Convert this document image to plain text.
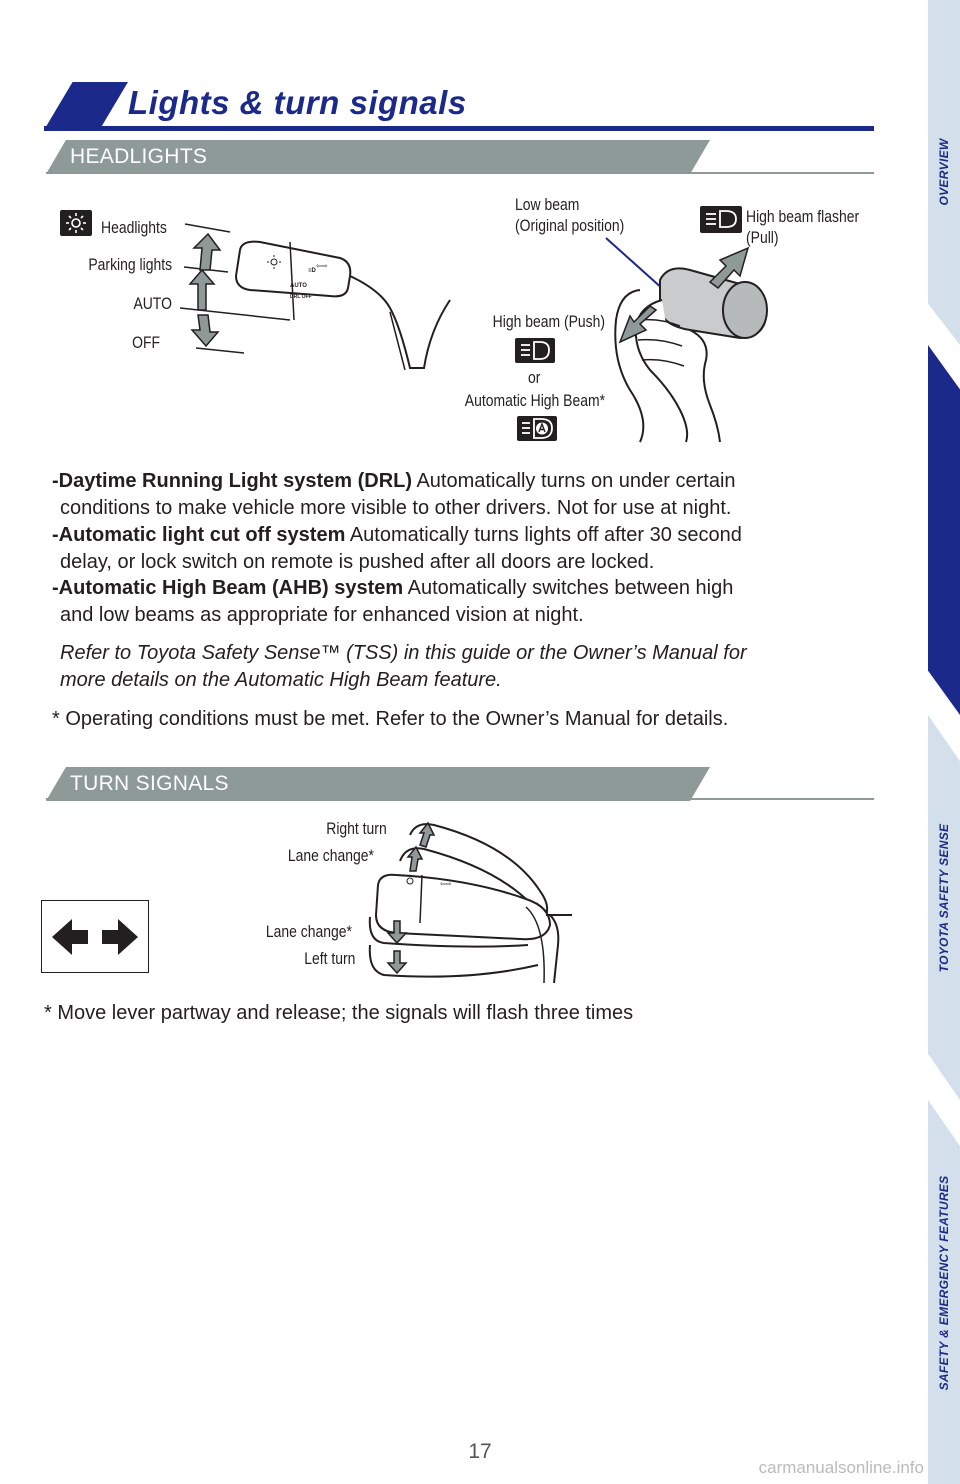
Lights & turn signals
HEADLIGHTS
Headlights
Parking lights
AUTO
OFF
≡D
⇦⇨
AUTO
DRL OFF
Low beam
(Original position)	High beam flasher
(Pull)
High beam (Push)
or
Automatic High Beam*
-Daytime Running Light system (DRL) Automatically turns on under certain
conditions to make vehicle more visible to other drivers. Not for use at night.
-Automatic light cut off system Automatically turns lights off after 30 second
delay, or lock switch on remote is pushed after all doors are locked.
-Automatic High Beam (AHB) system Automatically switches between high
and low beams as appropriate for enhanced vision at night.
Refer to Toyota Safety Sense™ (TSS) in this guide or the Owner’s Manual for
more details on the Automatic High Beam feature.
* Operating conditions must be met. Refer to the Owner’s Manual for details.
TURN SIGNALS
Right turn
Lane change*
Lane change*
Left turn
⇦⇨
* Move lever partway and release; the signals will flash three times
OVERVIEW
FEATURES & OPERATIONS
TOYOTA SAFETY SENSE
SAFETY & EMERGENCY FEATURES
17
carmanualsonline.info
